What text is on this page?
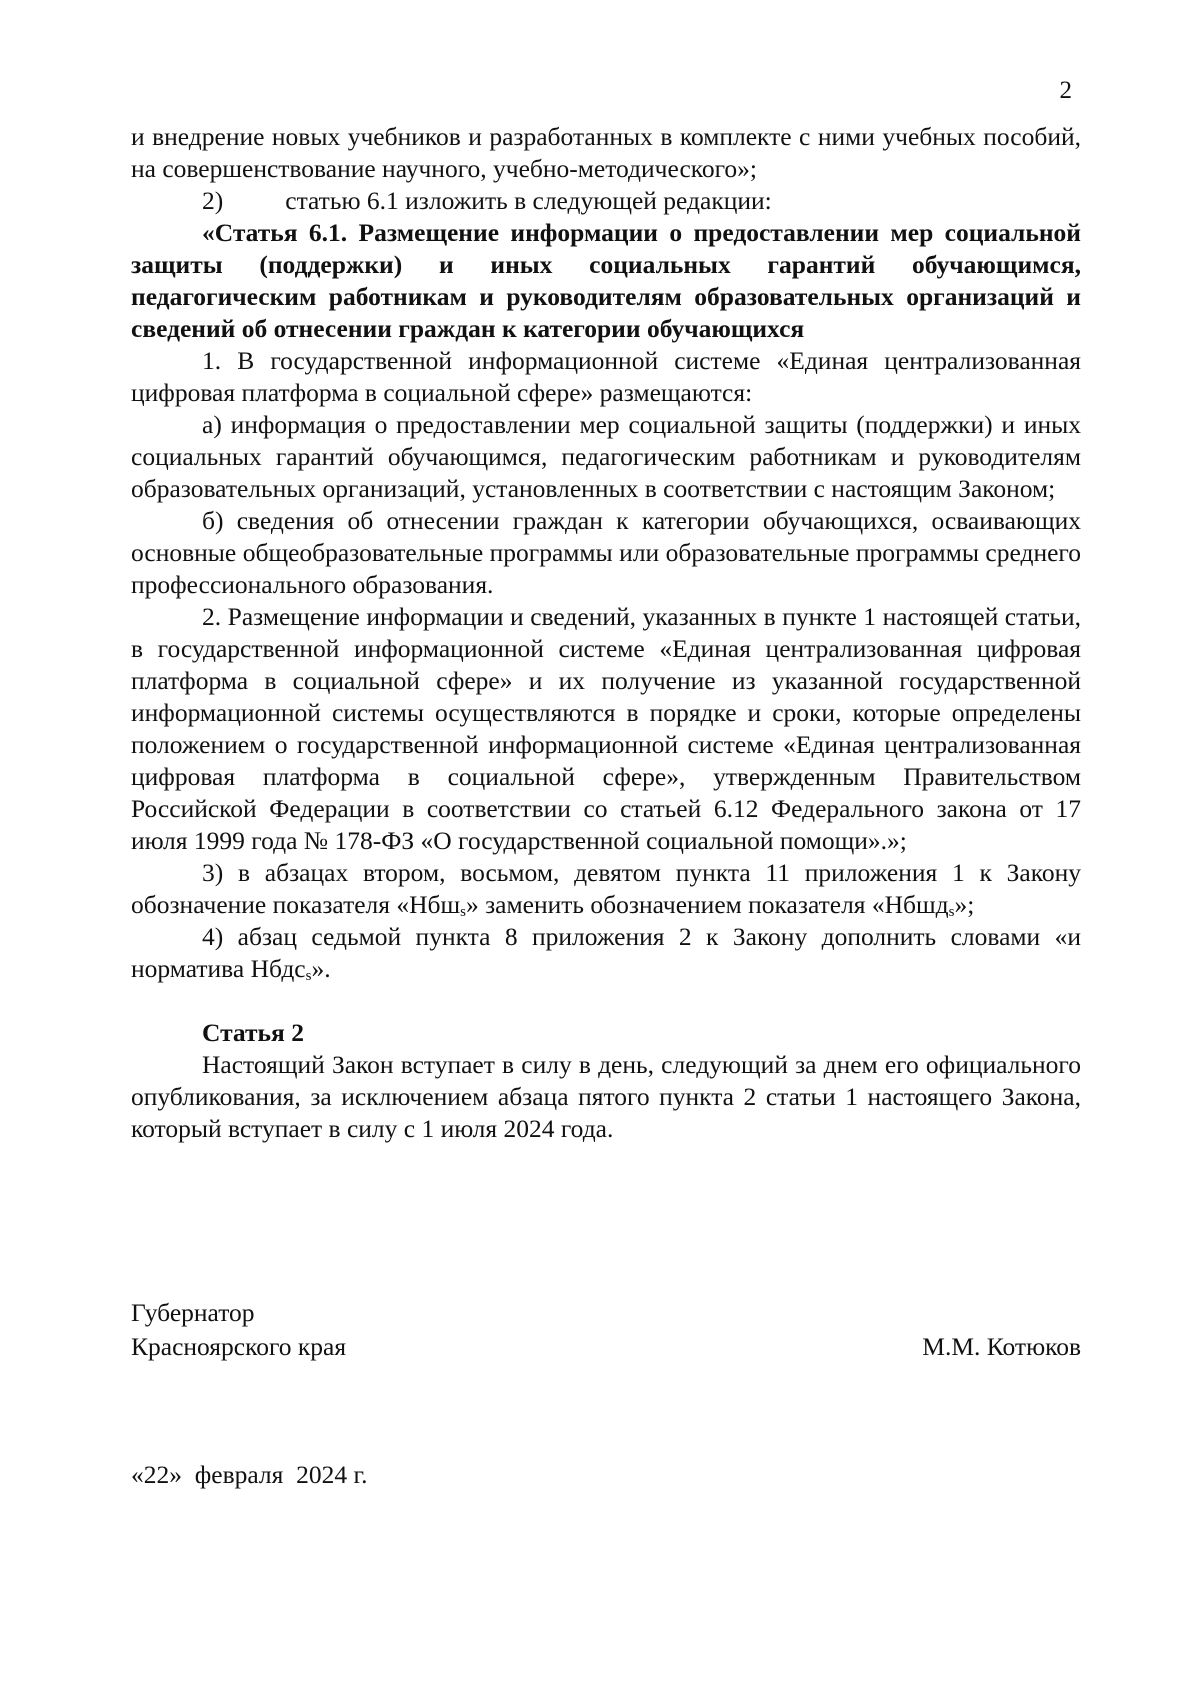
2

и внедрение новых учебников и разработанных в комплекте с ними учебных пособий, на совершенствование научного, учебно-методического»;

2) статью 6.1 изложить в следующей редакции:

«Статья 6.1. Размещение информации о предоставлении мер социальной защиты (поддержки) и иных социальных гарантий обучающимся, педагогическим работникам и руководителям образовательных организаций и сведений об отнесении граждан к категории обучающихся

1. В государственной информационной системе «Единая централизованная цифровая платформа в социальной сфере» размещаются:

а) информация о предоставлении мер социальной защиты (поддержки) и иных социальных гарантий обучающимся, педагогическим работникам и руководителям образовательных организаций, установленных в соответствии с настоящим Законом;

б) сведения об отнесении граждан к категории обучающихся, осваивающих основные общеобразовательные программы или образовательные программы среднего профессионального образования.

2. Размещение информации и сведений, указанных в пункте 1 настоящей статьи, в государственной информационной системе «Единая централизованная цифровая платформа в социальной сфере» и их получение из указанной государственной информационной системы осуществляются в порядке и сроки, которые определены положением о государственной информационной системе «Единая централизованная цифровая платформа в социальной сфере», утвержденным Правительством Российской Федерации в соответствии со статьей 6.12 Федерального закона от 17 июля 1999 года № 178-ФЗ «О государственной социальной помощи».»;

3) в абзацах втором, восьмом, девятом пункта 11 приложения 1 к Закону обозначение показателя «Нбш$_s$» заменить обозначением показателя «Нбшд$_s$»;

4) абзац седьмой пункта 8 приложения 2 к Закону дополнить словами «и норматива Нбдс$_s$».

Статья 2

Настоящий Закон вступает в силу в день, следующий за днем его официального опубликования, за исключением абзаца пятого пункта 2 статьи 1 настоящего Закона, который вступает в силу с 1 июля 2024 года.

Губернатор
Красноярского края	М.М. Котюков
«22»  февраля  2024 г.
